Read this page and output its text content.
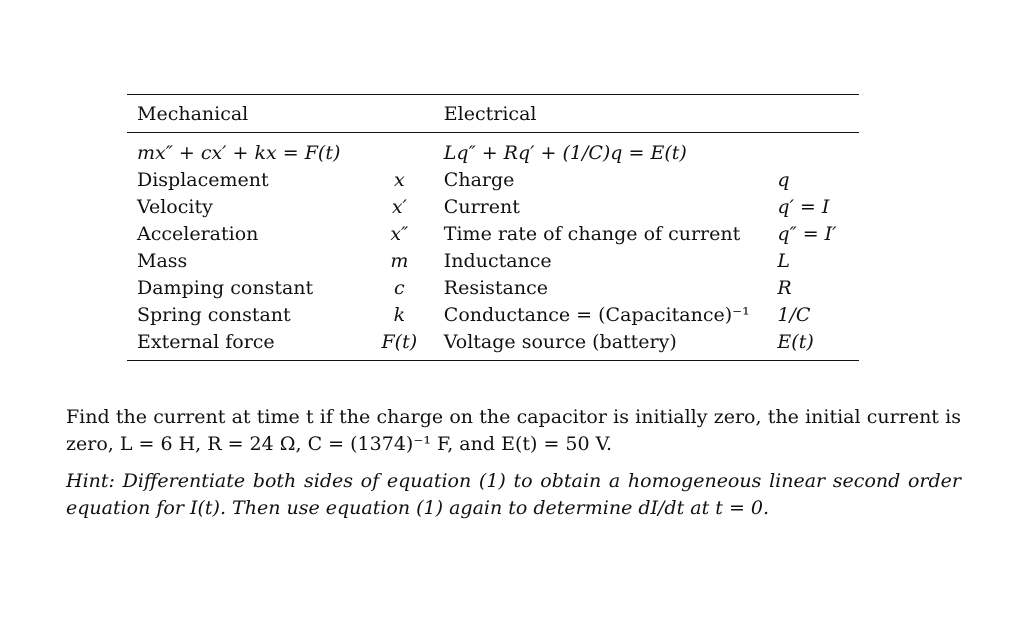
Mechanical		Electrical	
mx″ + cx′ + kx = F(t)		Lq″ + Rq′ + (1/C)q = E(t)	
Displacement	x	Charge	q
Velocity	x′	Current	q′ = I
Acceleration	x″	Time rate of change of current	q″ = I′
Mass	m	Inductance	L
Damping constant	c	Resistance	R
Spring constant	k	Conductance = (Capacitance)⁻¹	1/C
External force	F(t)	Voltage source (battery)	E(t)

Find the current at time t if the charge on the capacitor is initially zero, the initial current is zero, L = 6 H, R = 24 Ω, C = (1374)⁻¹ F, and E(t) = 50 V.

Hint: Differentiate both sides of equation (1) to obtain a homogeneous linear second order equation for I(t). Then use equation (1) again to determine dI/dt at t = 0.
